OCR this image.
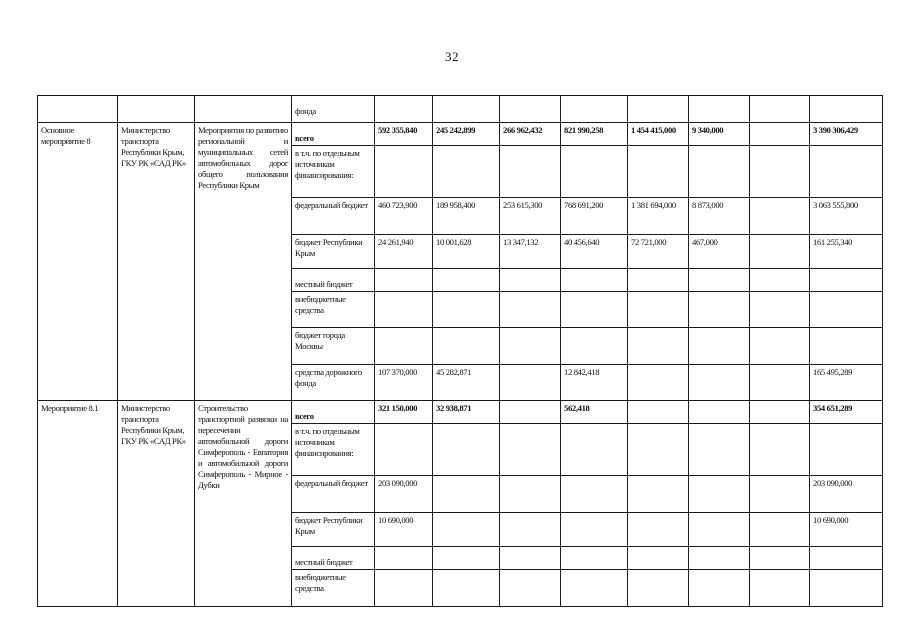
32
			фонда								
Основное мероприятие 8	Министерство транспорта Республики Крым, ГКУ РК «САД РК»	Мероприятия по развитию региональной и муниципальных сетей автомобильных дорог общего пользования Республики Крым	всего	592 355,840	245 242,899	266 962,432	821 990,258	1 454 415,000	9 340,000		3 390 306,429
			в т.ч. по отдельным источникам финансирования:								
			федеральный бюджет	460 723,900	189 958,400	253 615,300	768 691,200	1 381 694,000	8 873,000		3 063 555,800
			бюджет Республики Крым	24 261,940	10 001,628	13 347,132	40 456,640	72 721,000	467,000		161 255,340
			местный бюджет								
			внебюджетные средства								
			бюджет города Москвы								
			средства дорожного фонда	107 370,000	45 282,871		12 842,418				165 495,289
Мероприятие 8.1	Министерство транспорта Республики Крым, ГКУ РК «САД РК»	Строительство транспортной развязки на пересечении автомобильной дороги Симферополь - Евпатория и автомобильной дороги Симферополь - Мирное - Дубки	всего	321 150,000	32 938,871		562,418				354 651,289
			в т.ч. по отдельным источникам финансирования:								
			федеральный бюджет	203 090,000							203 090,000
			бюджет Республики Крым	10 690,000							10 690,000
			местный бюджет								
			внебюджетные средства								
